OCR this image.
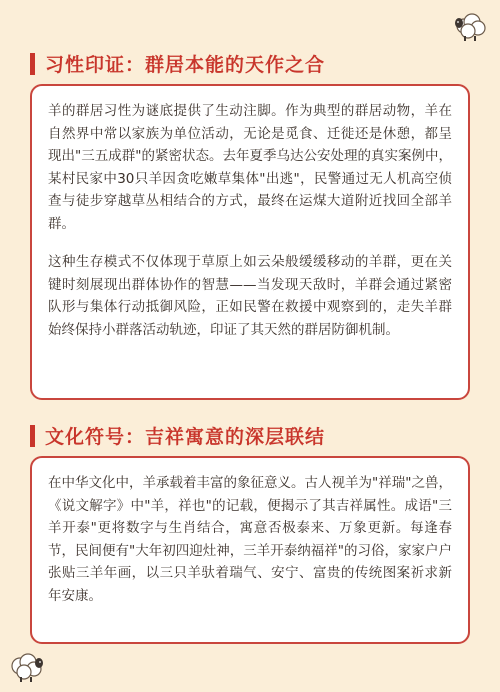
习性印证：群居本能的天作之合

羊的群居习性为谜底提供了生动注脚。作为典型的群居动物，羊在自然界中常以家族为单位活动，无论是觅食、迁徙还是休憩，都呈现出"三五成群"的紧密状态。去年夏季乌达公安处理的真实案例中，某村民家中30只羊因贪吃嫩草集体"出逃"，民警通过无人机高空侦查与徒步穿越草丛相结合的方式，最终在运煤大道附近找回全部羊群。

这种生存模式不仅体现于草原上如云朵般缓缓移动的羊群，更在关键时刻展现出群体协作的智慧——当发现天敌时，羊群会通过紧密队形与集体行动抵御风险，正如民警在救援中观察到的，走失羊群始终保持小群落活动轨迹，印证了其天然的群居防御机制。

文化符号：吉祥寓意的深层联结

在中华文化中，羊承载着丰富的象征意义。古人视羊为"祥瑞"之兽，《说文解字》中"羊，祥也"的记载，便揭示了其吉祥属性。成语"三羊开泰"更将数字与生肖结合，寓意否极泰来、万象更新。每逢春节，民间便有"大年初四迎灶神，三羊开泰纳福祥"的习俗，家家户户张贴三羊年画，以三只羊驮着瑞气、安宁、富贵的传统图案祈求新年安康。
